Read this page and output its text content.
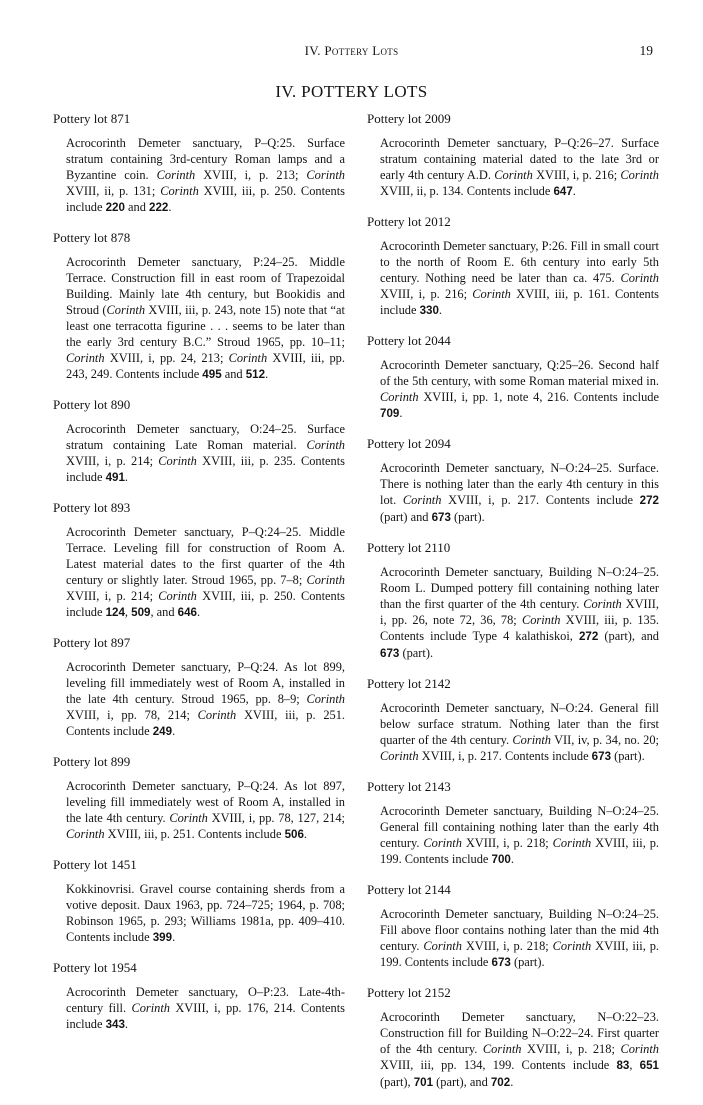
IV. Pottery Lots	19
IV. POTTERY LOTS
Pottery lot 871
Acrocorinth Demeter sanctuary, P–Q:25. Surface stratum containing 3rd-century Roman lamps and a Byzantine coin. Corinth XVIII, i, p. 213; Corinth XVIII, ii, p. 131; Corinth XVIII, iii, p. 250. Contents include 220 and 222.
Pottery lot 878
Acrocorinth Demeter sanctuary, P:24–25. Middle Terrace. Construction fill in east room of Trapezoidal Building. Mainly late 4th century, but Bookidis and Stroud (Corinth XVIII, iii, p. 243, note 15) note that “at least one terracotta figurine . . . seems to be later than the early 3rd century B.C.” Stroud 1965, pp. 10–11; Corinth XVIII, i, pp. 24, 213; Corinth XVIII, iii, pp. 243, 249. Contents include 495 and 512.
Pottery lot 890
Acrocorinth Demeter sanctuary, O:24–25. Surface stratum containing Late Roman material. Corinth XVIII, i, p. 214; Corinth XVIII, iii, p. 235. Contents include 491.
Pottery lot 893
Acrocorinth Demeter sanctuary, P–Q:24–25. Middle Terrace. Leveling fill for construction of Room A. Latest material dates to the first quarter of the 4th century or slightly later. Stroud 1965, pp. 7–8; Corinth XVIII, i, p. 214; Corinth XVIII, iii, p. 250. Contents include 124, 509, and 646.
Pottery lot 897
Acrocorinth Demeter sanctuary, P–Q:24. As lot 899, leveling fill immediately west of Room A, installed in the late 4th century. Stroud 1965, pp. 8–9; Corinth XVIII, i, pp. 78, 214; Corinth XVIII, iii, p. 251. Contents include 249.
Pottery lot 899
Acrocorinth Demeter sanctuary, P–Q:24. As lot 897, leveling fill immediately west of Room A, installed in the late 4th century. Corinth XVIII, i, pp. 78, 127, 214; Corinth XVIII, iii, p. 251. Contents include 506.
Pottery lot 1451
Kokkinovrisi. Gravel course containing sherds from a votive deposit. Daux 1963, pp. 724–725; 1964, p. 708; Robinson 1965, p. 293; Williams 1981a, pp. 409–410. Contents include 399.
Pottery lot 1954
Acrocorinth Demeter sanctuary, O–P:23. Late-4th-century fill. Corinth XVIII, i, pp. 176, 214. Contents include 343.
Pottery lot 2009
Acrocorinth Demeter sanctuary, P–Q:26–27. Surface stratum containing material dated to the late 3rd or early 4th century A.D. Corinth XVIII, i, p. 216; Corinth XVIII, ii, p. 134. Contents include 647.
Pottery lot 2012
Acrocorinth Demeter sanctuary, P:26. Fill in small court to the north of Room E. 6th century into early 5th century. Nothing need be later than ca. 475. Corinth XVIII, i, p. 216; Corinth XVIII, iii, p. 161. Contents include 330.
Pottery lot 2044
Acrocorinth Demeter sanctuary, Q:25–26. Second half of the 5th century, with some Roman material mixed in. Corinth XVIII, i, pp. 1, note 4, 216. Contents include 709.
Pottery lot 2094
Acrocorinth Demeter sanctuary, N–O:24–25. Surface. There is nothing later than the early 4th century in this lot. Corinth XVIII, i, p. 217. Contents include 272 (part) and 673 (part).
Pottery lot 2110
Acrocorinth Demeter sanctuary, Building N–O:24–25. Room L. Dumped pottery fill containing nothing later than the first quarter of the 4th century. Corinth XVIII, i, pp. 26, note 72, 36, 78; Corinth XVIII, iii, p. 135. Contents include Type 4 kalathiskoi, 272 (part), and 673 (part).
Pottery lot 2142
Acrocorinth Demeter sanctuary, N–O:24. General fill below surface stratum. Nothing later than the first quarter of the 4th century. Corinth VII, iv, p. 34, no. 20; Corinth XVIII, i, p. 217. Contents include 673 (part).
Pottery lot 2143
Acrocorinth Demeter sanctuary, Building N–O:24–25. General fill containing nothing later than the early 4th century. Corinth XVIII, i, p. 218; Corinth XVIII, iii, p. 199. Contents include 700.
Pottery lot 2144
Acrocorinth Demeter sanctuary, Building N–O:24–25. Fill above floor contains nothing later than the mid 4th century. Corinth XVIII, i, p. 218; Corinth XVIII, iii, p. 199. Contents include 673 (part).
Pottery lot 2152
Acrocorinth Demeter sanctuary, N–O:22–23. Construction fill for Building N–O:22–24. First quarter of the 4th century. Corinth XVIII, i, p. 218; Corinth XVIII, iii, pp. 134, 199. Contents include 83, 651 (part), 701 (part), and 702.
